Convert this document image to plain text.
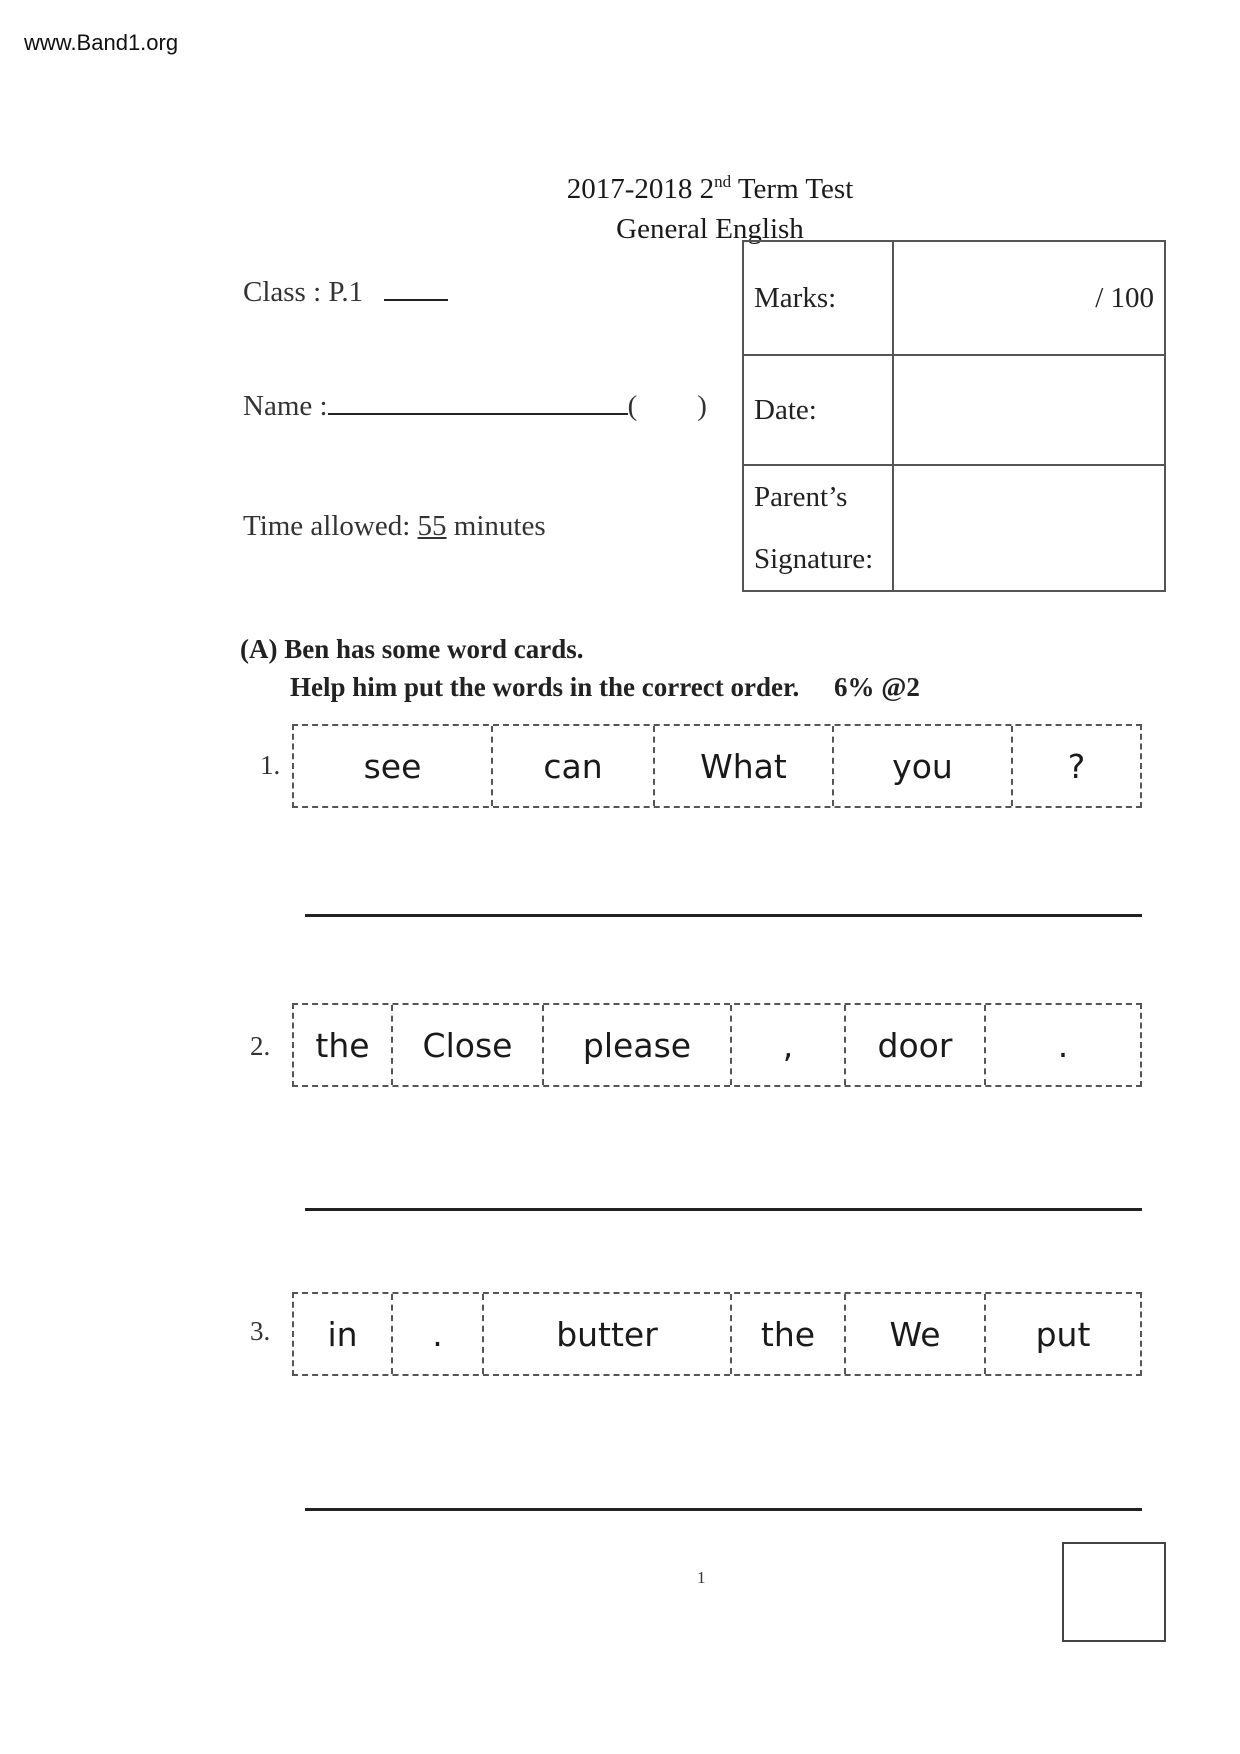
www.Band1.org
2017-2018 2nd Term Test
General English
Class : P.1
Name :	( )
Time allowed: 55 minutes
Marks:	/ 100
Date:	

Parent’s
Signature:	

(A) Ben has some word cards.
Help him put the words in the correct order. 6% @2
1.	see	can	What	you	?
2.	the	Close	please	,	door	.
3.	in	.	butter	the	We	put
1
